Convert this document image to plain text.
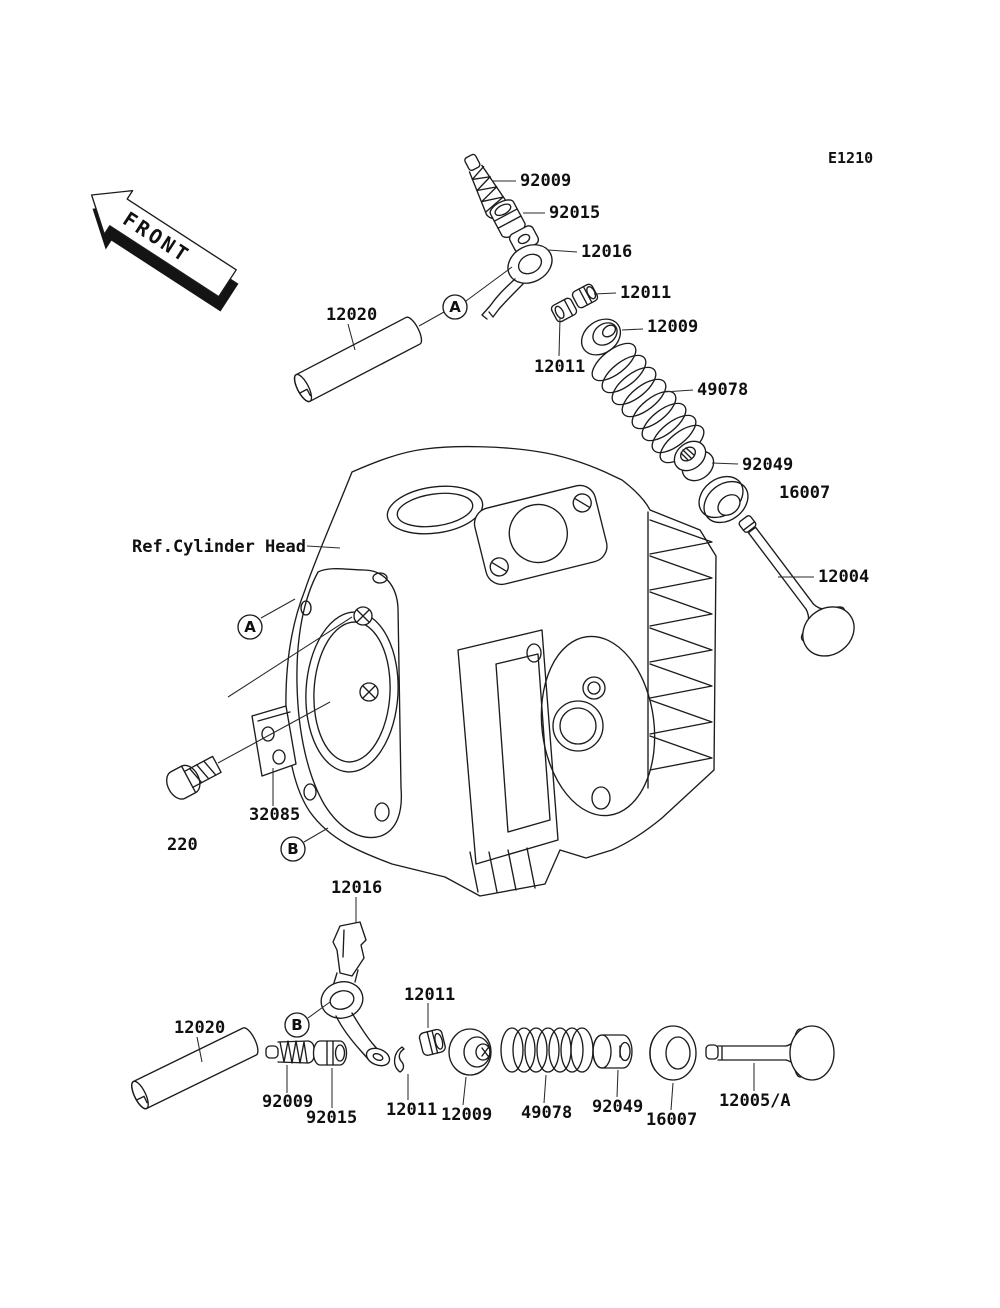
FRONT
E1210
92009
92015
12016
12011
12011
12009
49078
92049
16007
12004
12020	A
Ref.Cylinder Head
A
32085
220	B
12016
B
12020
92009
92015
12011
12011 12009 49078 92049
16007
12005/A
